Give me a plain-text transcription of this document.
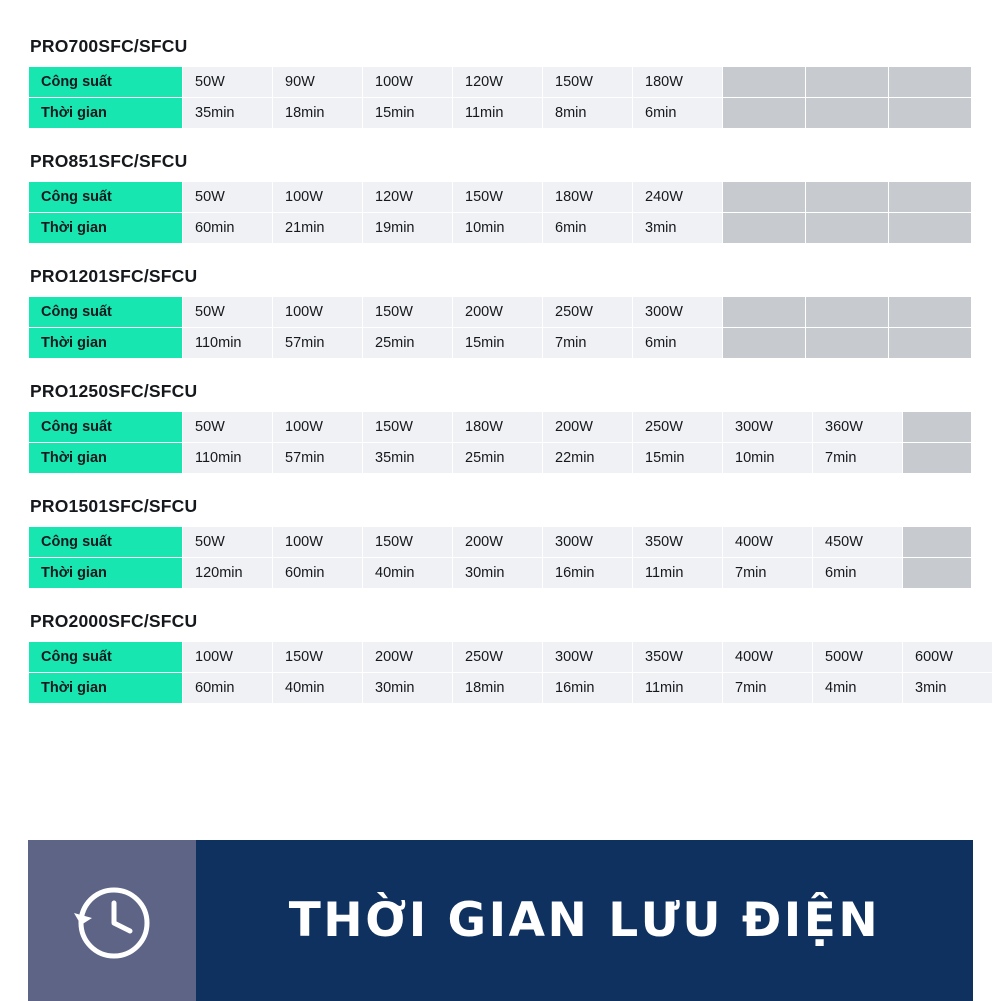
PRO700SFC/SFCU
Công suất	50W	90W	100W	120W	150W	180W			
Thời gian	35min	18min	15min	11min	8min	6min			
PRO851SFC/SFCU
Công suất	50W	100W	120W	150W	180W	240W			
Thời gian	60min	21min	19min	10min	6min	3min			
PRO1201SFC/SFCU
Công suất	50W	100W	150W	200W	250W	300W			
Thời gian	110min	57min	25min	15min	7min	6min			
PRO1250SFC/SFCU
Công suất	50W	100W	150W	180W	200W	250W	300W	360W	
Thời gian	110min	57min	35min	25min	22min	15min	10min	7min	
PRO1501SFC/SFCU
Công suất	50W	100W	150W	200W	300W	350W	400W	450W	
Thời gian	120min	60min	40min	30min	16min	11min	7min	6min	
PRO2000SFC/SFCU
Công suất	100W	150W	200W	250W	300W	350W	400W	500W	600W
Thời gian	60min	40min	30min	18min	16min	11min	7min	4min	3min
THỜI GIAN LƯU ĐIỆN
